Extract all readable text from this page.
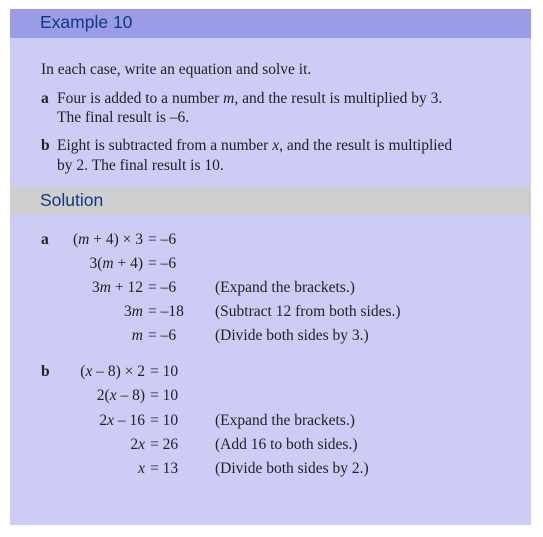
Example 10
In each case, write an equation and solve it.
a Four is added to a number m, and the result is multiplied by 3.
The final result is –6.
b Eight is subtracted from a number x, and the result is multiplied
by 2. The final result is 10.
Solution
a (m + 4) × 3 = –6
3(m + 4) = –6
3m + 12 = –6	(Expand the brackets.)
3m = –18 (Subtract 12 from both sides.)
m = –6	(Divide both sides by 3.)
b (x – 8) × 2 = 10
2(x – 8) = 10
2x – 16 = 10 (Expand the brackets.)
2x = 26 (Add 16 to both sides.)
x = 13 (Divide both sides by 2.)
